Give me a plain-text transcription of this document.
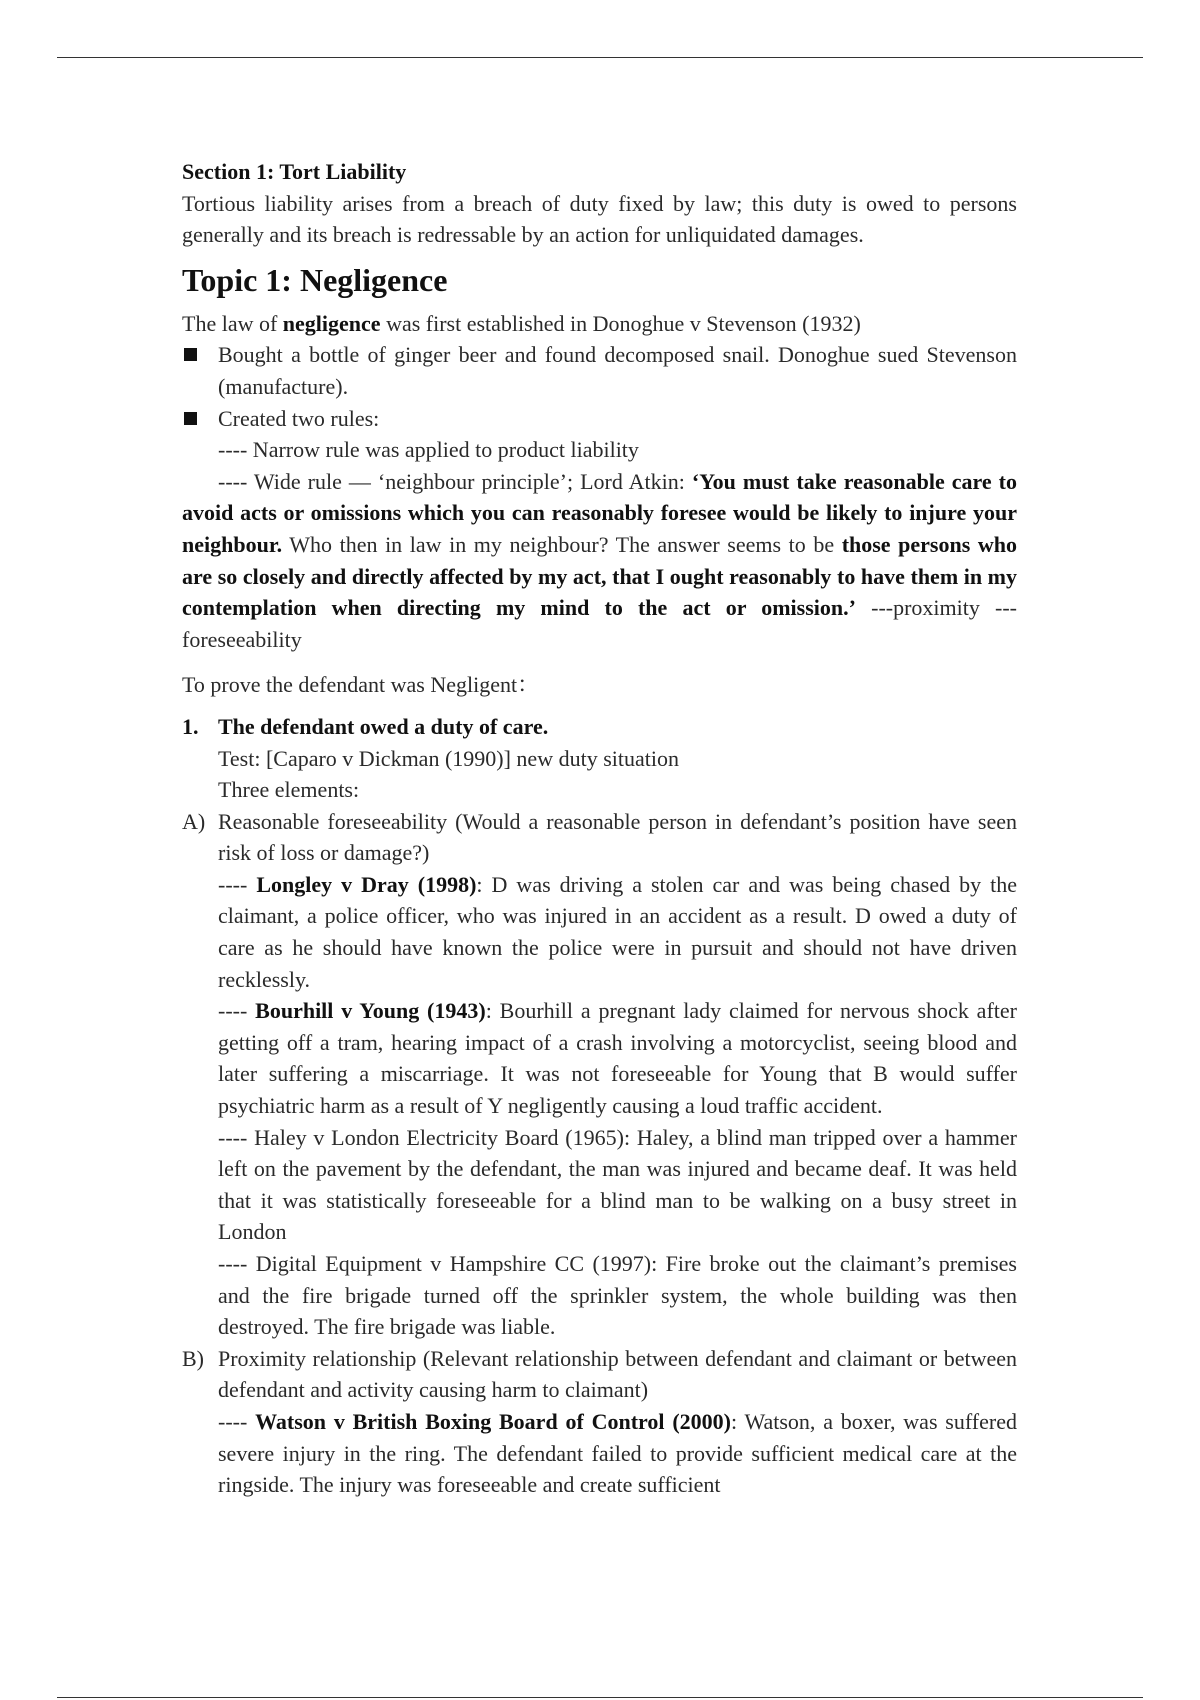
Section 1: Tort Liability

Tortious liability arises from a breach of duty fixed by law; this duty is owed to persons generally and its breach is redressable by an action for unliquidated damages.

Topic 1: Negligence

The law of negligence was first established in Donoghue v Stevenson (1932)

Bought a bottle of ginger beer and found decomposed snail. Donoghue sued Stevenson (manufacture).

Created two rules:

---- Narrow rule was applied to product liability

---- Wide rule — ‘neighbour principle’; Lord Atkin: ‘You must take reasonable care to avoid acts or omissions which you can reasonably foresee would be likely to injure your neighbour. Who then in law in my neighbour? The answer seems to be those persons who are so closely and directly affected by my act, that I ought reasonably to have them in my contemplation when directing my mind to the act or omission.’ ---proximity ---foreseeability

To prove the defendant was Negligent：

1. The defendant owed a duty of care.

Test: [Caparo v Dickman (1990)] new duty situation

Three elements:

A) Reasonable foreseeability (Would a reasonable person in defendant’s position have seen risk of loss or damage?)

---- Longley v Dray (1998): D was driving a stolen car and was being chased by the claimant, a police officer, who was injured in an accident as a result. D owed a duty of care as he should have known the police were in pursuit and should not have driven recklessly.

---- Bourhill v Young (1943): Bourhill a pregnant lady claimed for nervous shock after getting off a tram, hearing impact of a crash involving a motorcyclist, seeing blood and later suffering a miscarriage. It was not foreseeable for Young that B would suffer psychiatric harm as a result of Y negligently causing a loud traffic accident.

---- Haley v London Electricity Board (1965): Haley, a blind man tripped over a hammer left on the pavement by the defendant, the man was injured and became deaf. It was held that it was statistically foreseeable for a blind man to be walking on a busy street in London

---- Digital Equipment v Hampshire CC (1997): Fire broke out the claimant’s premises and the fire brigade turned off the sprinkler system, the whole building was then destroyed. The fire brigade was liable.

B) Proximity relationship (Relevant relationship between defendant and claimant or between defendant and activity causing harm to claimant)

---- Watson v British Boxing Board of Control (2000): Watson, a boxer, was suffered severe injury in the ring. The defendant failed to provide sufficient medical care at the ringside. The injury was foreseeable and create sufficient
